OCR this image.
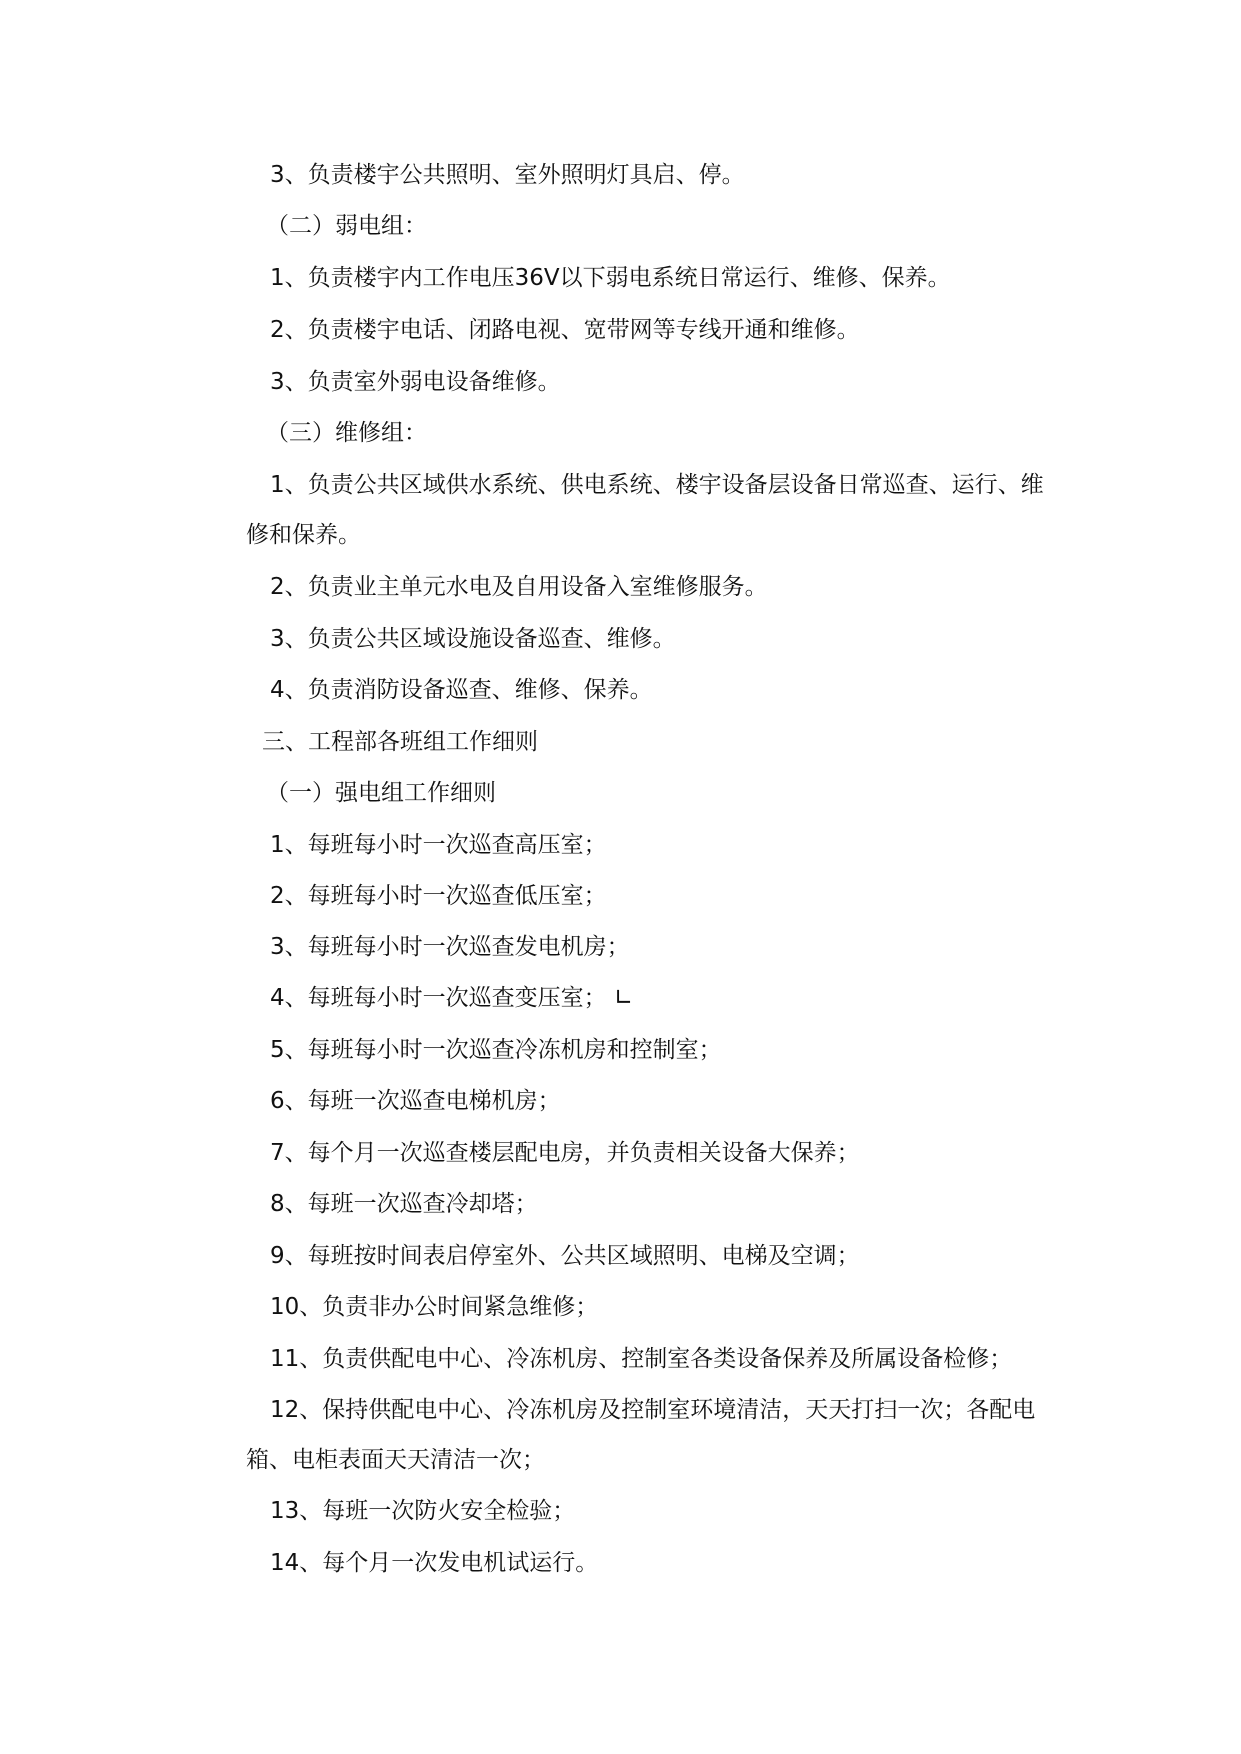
3、负责楼宇公共照明、室外照明灯具启、停。
（二）弱电组：
1、负责楼宇内工作电压36V以下弱电系统日常运行、维修、保养。
2、负责楼宇电话、闭路电视、宽带网等专线开通和维修。
3、负责室外弱电设备维修。
（三）维修组：
1、负责公共区域供水系统、供电系统、楼宇设备层设备日常巡查、运行、维
修和保养。
2、负责业主单元水电及自用设备入室维修服务。
3、负责公共区域设施设备巡查、维修。
4、负责消防设备巡查、维修、保养。
三、工程部各班组工作细则
（一）强电组工作细则
1、每班每小时一次巡查高压室；
2、每班每小时一次巡查低压室；
3、每班每小时一次巡查发电机房；
4、每班每小时一次巡查变压室； ∟
5、每班每小时一次巡查冷冻机房和控制室；
6、每班一次巡查电梯机房；
7、每个月一次巡查楼层配电房，并负责相关设备大保养；
8、每班一次巡查冷却塔；
9、每班按时间表启停室外、公共区域照明、电梯及空调；
10、负责非办公时间紧急维修；
11、负责供配电中心、冷冻机房、控制室各类设备保养及所属设备检修；
12、保持供配电中心、冷冻机房及控制室环境清洁，天天打扫一次；各配电
箱、电柜表面天天清洁一次；
13、每班一次防火安全检验；
14、每个月一次发电机试运行。
